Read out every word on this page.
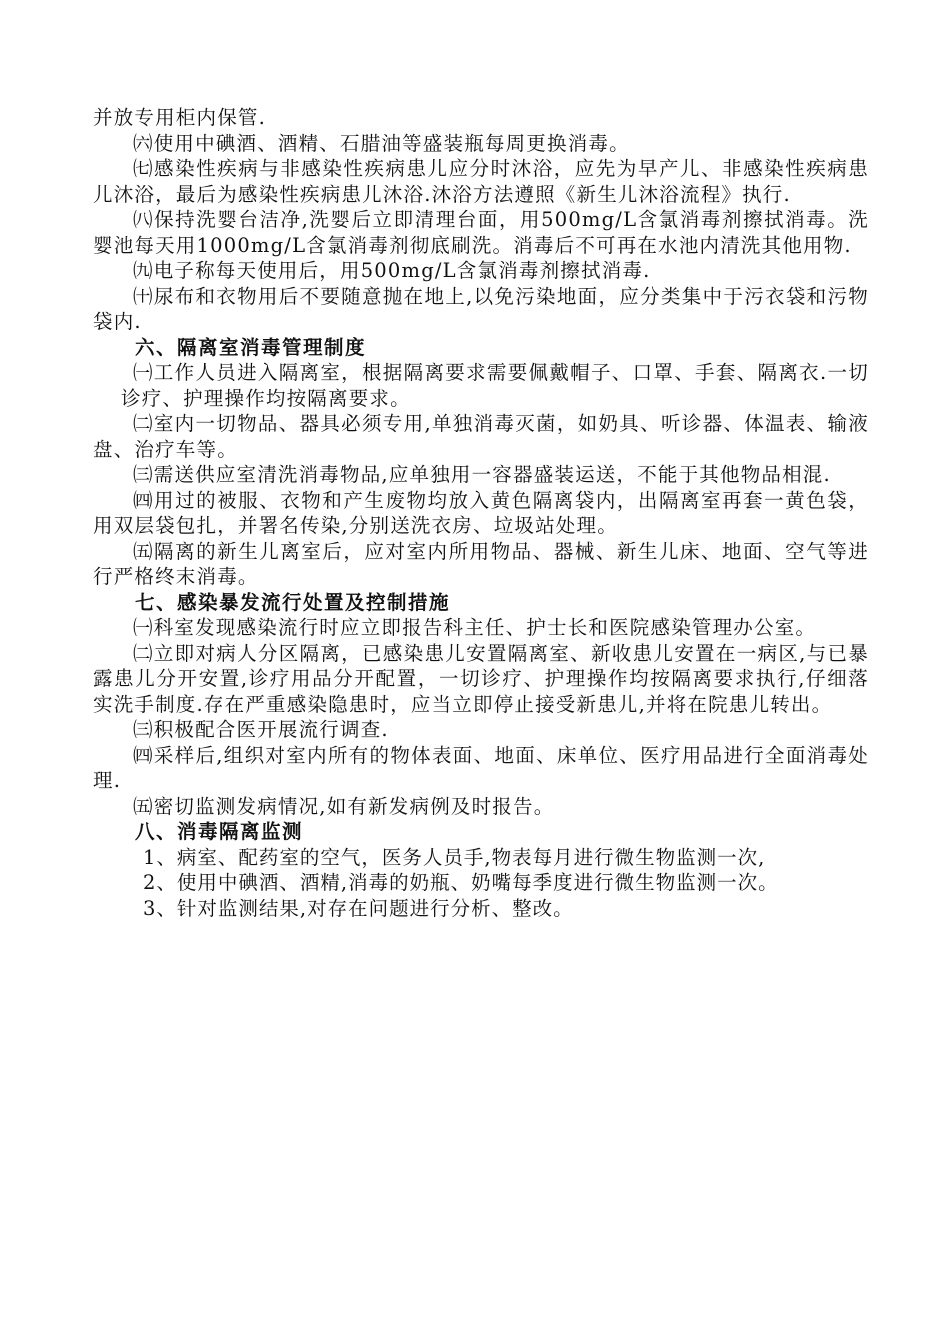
并放专用柜内保管.

㈥使用中碘酒、酒精、石腊油等盛装瓶每周更换消毒。

㈦感染性疾病与非感染性疾病患儿应分时沐浴，应先为早产儿、非感染性疾病患儿沐浴，最后为感染性疾病患儿沐浴.沐浴方法遵照《新生儿沐浴流程》执行.

㈧保持洗婴台洁净,洗婴后立即清理台面，用500mg/L含氯消毒剂擦拭消毒。洗婴池每天用1000mg/L含氯消毒剂彻底刷洗。消毒后不可再在水池内清洗其他用物.

㈨电子称每天使用后，用500mg/L含氯消毒剂擦拭消毒.

㈩尿布和衣物用后不要随意抛在地上,以免污染地面，应分类集中于污衣袋和污物袋内.

六、隔离室消毒管理制度

㈠工作人员进入隔离室，根据隔离要求需要佩戴帽子、口罩、手套、隔离衣.一切诊疗、护理操作均按隔离要求。

㈡室内一切物品、器具必须专用,单独消毒灭菌，如奶具、听诊器、体温表、输液盘、治疗车等。

㈢需送供应室清洗消毒物品,应单独用一容器盛装运送，不能于其他物品相混.

㈣用过的被服、衣物和产生废物均放入黄色隔离袋内，出隔离室再套一黄色袋，用双层袋包扎，并署名传染,分别送洗衣房、垃圾站处理。

㈤隔离的新生儿离室后，应对室内所用物品、器械、新生儿床、地面、空气等进行严格终末消毒。

七、感染暴发流行处置及控制措施

㈠科室发现感染流行时应立即报告科主任、护士长和医院感染管理办公室。

㈡立即对病人分区隔离，已感染患儿安置隔离室、新收患儿安置在一病区,与已暴露患儿分开安置,诊疗用品分开配置，一切诊疗、护理操作均按隔离要求执行,仔细落实洗手制度.存在严重感染隐患时，应当立即停止接受新患儿,并将在院患儿转出。

㈢积极配合医开展流行调查.

㈣采样后,组织对室内所有的物体表面、地面、床单位、医疗用品进行全面消毒处理.

㈤密切监测发病情况,如有新发病例及时报告。

八、消毒隔离监测

1、病室、配药室的空气，医务人员手,物表每月进行微生物监测一次,

2、使用中碘酒、酒精,消毒的奶瓶、奶嘴每季度进行微生物监测一次。

3、针对监测结果,对存在问题进行分析、整改。
